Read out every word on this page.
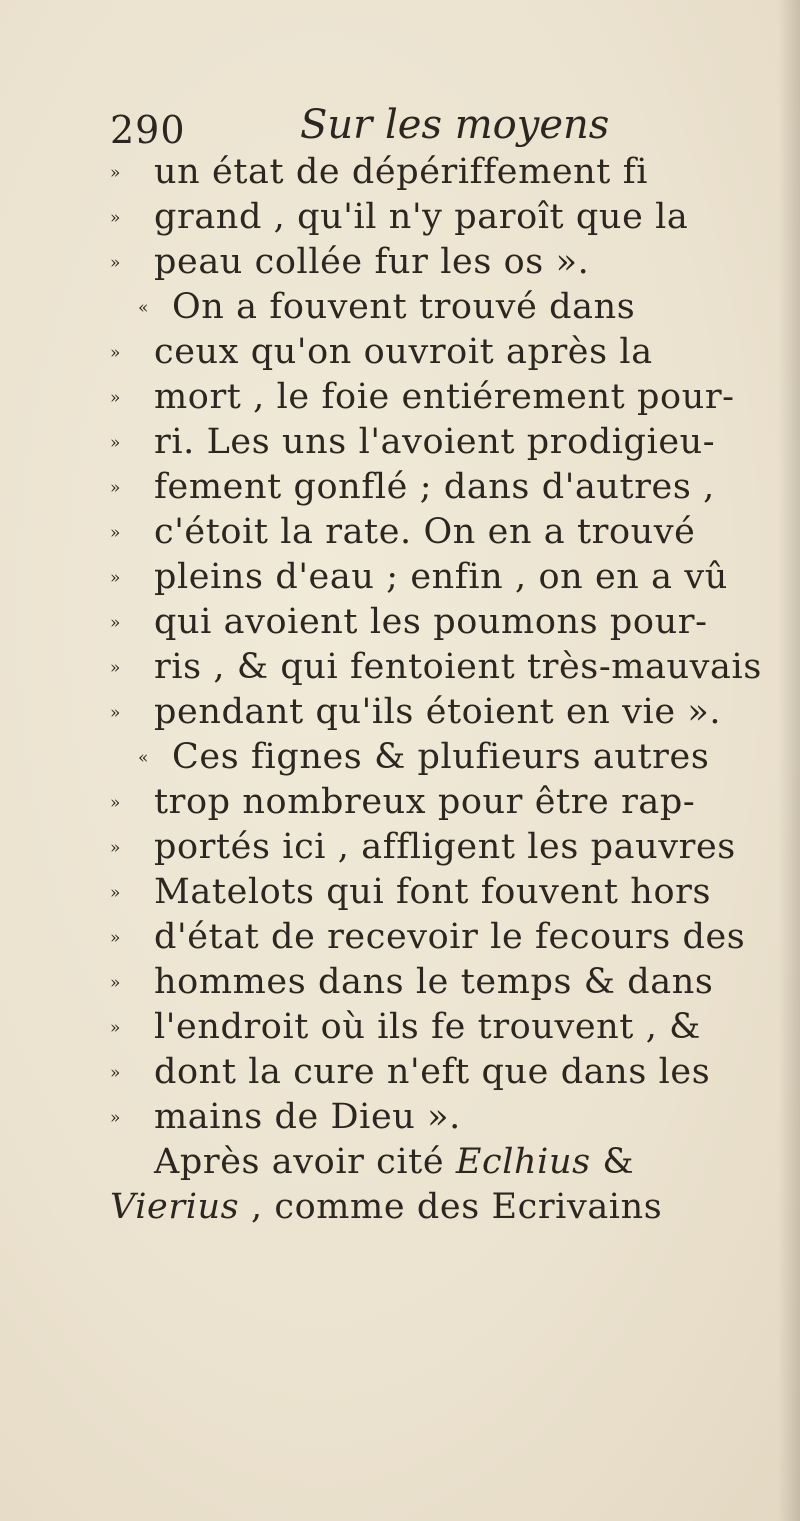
290	Sur les moyens
» un état de dépériffement fi
» grand , qu'il n'y paroît que la
» peau collée fur les os ».
« On a fouvent trouvé dans
» ceux qu'on ouvroit après la
» mort , le foie entiérement pour-
» ri. Les uns l'avoient prodigieu-
» fement gonflé ; dans d'autres ,
» c'étoit la rate. On en a trouvé
» pleins d'eau ; enfin , on en a vû
» qui avoient les poumons pour-
» ris , & qui fentoient très-mauvais
» pendant qu'ils étoient en vie ».
« Ces fignes & plufieurs autres
» trop nombreux pour être rap-
» portés ici , affligent les pauvres
» Matelots qui font fouvent hors
» d'état de recevoir le fecours des
» hommes dans le temps & dans
» l'endroit où ils fe trouvent , &
» dont la cure n'eft que dans les
» mains de Dieu ».
Après avoir cité Eclhius &
Vierius , comme des Ecrivains
